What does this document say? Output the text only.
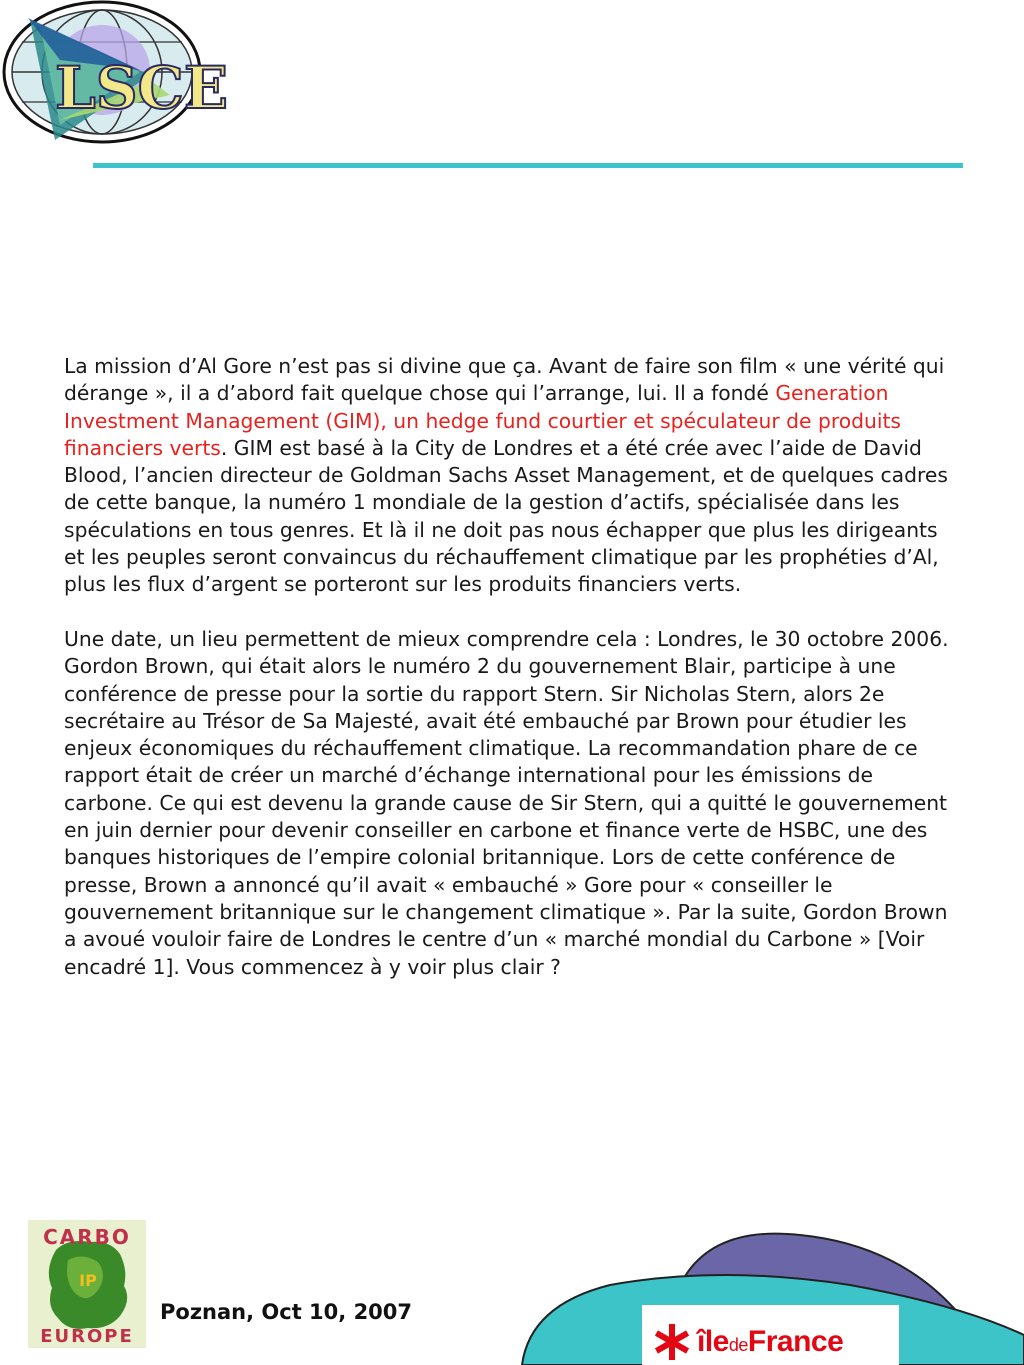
LSCE

La mission d’Al Gore n’est pas si divine que ça. Avant de faire son film « une vérité qui dérange », il a d’abord fait quelque chose qui l’arrange, lui. Il a fondé Generation Investment Management (GIM), un hedge fund courtier et spéculateur de produits financiers verts. GIM est basé à la City de Londres et a été crée avec l’aide de David Blood, l’ancien directeur de Goldman Sachs Asset Management, et de quelques cadres de cette banque, la numéro 1 mondiale de la gestion d’actifs, spécialisée dans les spéculations en tous genres. Et là il ne doit pas nous échapper que plus les dirigeants et les peuples seront convaincus du réchauffement climatique par les prophéties d’Al, plus les flux d’argent se porteront sur les produits financiers verts.

Une date, un lieu permettent de mieux comprendre cela : Londres, le 30 octobre 2006. Gordon Brown, qui était alors le numéro 2 du gouvernement Blair, participe à une conférence de presse pour la sortie du rapport Stern. Sir Nicholas Stern, alors 2e secrétaire au Trésor de Sa Majesté, avait été embauché par Brown pour étudier les enjeux économiques du réchauffement climatique. La recommandation phare de ce rapport était de créer un marché d’échange international pour les émissions de carbone. Ce qui est devenu la grande cause de Sir Stern, qui a quitté le gouvernement en juin dernier pour devenir conseiller en carbone et finance verte de HSBC, une des banques historiques de l’empire colonial britannique. Lors de cette conférence de presse, Brown a annoncé qu’il avait « embauché » Gore pour « conseiller le gouvernement britannique sur le changement climatique ». Par la suite, Gordon Brown a avoué vouloir faire de Londres le centre d’un « marché mondial du Carbone » [Voir encadré 1]. Vous commencez à y voir plus clair ?

IP
CARBO
EUROPE
Poznan, Oct 10, 2007
îledeFrance
